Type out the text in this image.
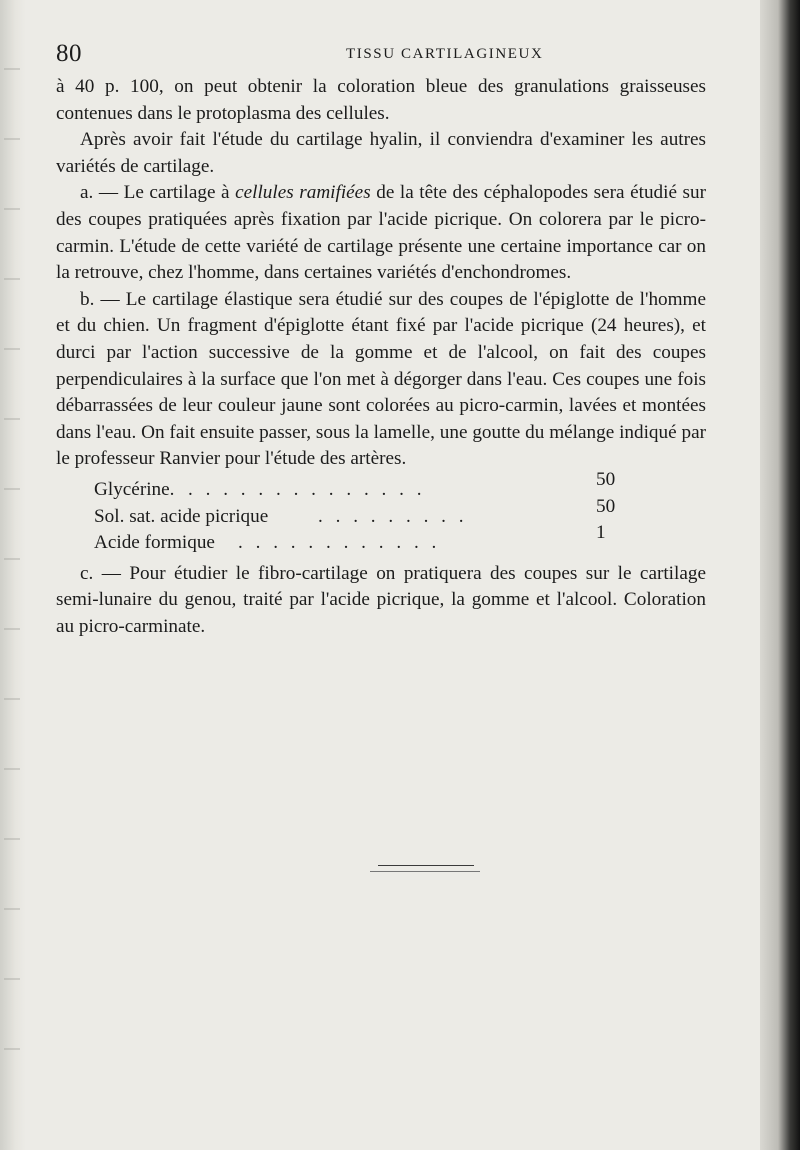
80	TISSU CARTILAGINEUX

à 40 p. 100, on peut obtenir la coloration bleue des granulations graisseuses contenues dans le protoplasma des cellules.

Après avoir fait l'étude du cartilage hyalin, il conviendra d'examiner les autres variétés de cartilage.

a. — Le cartilage à cellules ramifiées de la tête des céphalopodes sera étudié sur des coupes pratiquées après fixation par l'acide picrique. On colorera par le picro-carmin. L'étude de cette variété de cartilage présente une certaine importance car on la retrouve, chez l'homme, dans certaines variétés d'enchondromes.

b. — Le cartilage élastique sera étudié sur des coupes de l'épiglotte de l'homme et du chien. Un fragment d'épiglotte étant fixé par l'acide picrique (24 heures), et durci par l'action successive de la gomme et de l'alcool, on fait des coupes perpendiculaires à la surface que l'on met à dégorger dans l'eau. Ces coupes une fois débarrassées de leur couleur jaune sont colorées au picro-carmin, lavées et montées dans l'eau. On fait ensuite passer, sous la lamelle, une goutte du mélange indiqué par le professeur Ranvier pour l'étude des artères.

Glycérine. . . . . . . . . . . . . . .	50
Sol. sat. acide picrique	. . . . . . . . .	50
Acide formique . . . . . . . . . . . .	1

c. — Pour étudier le fibro-cartilage on pratiquera des coupes sur le cartilage semi-lunaire du genou, traité par l'acide picrique, la gomme et l'alcool. Coloration au picro-carminate.
